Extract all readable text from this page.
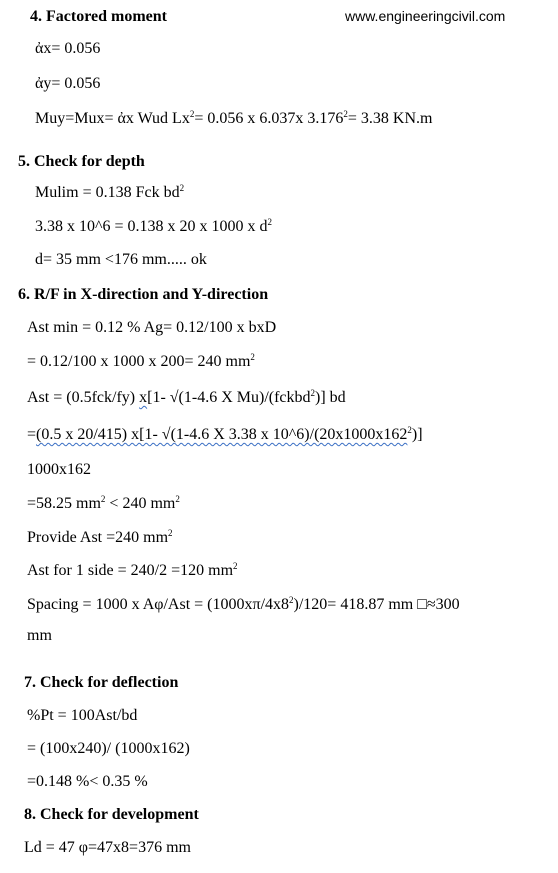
www.engineeringcivil.com
4. Factored moment
ἀx= 0.056
ἀy= 0.056
Muy=Mux= ἀx Wud $Lx^2= 0.056$ x 6.037x $3.176^2= 3.38$ KN.m
5. Check for depth
Mulim = 0.138 Fck $bd^2$
3.38 x 10^6 = 0.138 x 20 x 1000 x $d^2$
d= 35 mm <176 mm..... ok
6. R/F in X-direction and Y-direction
Ast min = 0.12 % Ag= 0.12/100 x bxD
= 0.12/100 x 1000 x 200= 240 $mm^2$
Ast = (0.5fck/fy) x[1- √(1-4.6 X Mu)/(fckbd$^2$)] bd
=(0.5 x 20/415) x[1- √(1-4.6 X 3.38 x $10\^{}6)/(20x1000x162^2)$]
1000x162
=58.25 $mm^2 < 240$ $mm^2$
Provide Ast =240 $mm^2$
Ast for 1 side = 240/2 =120 $mm^2$
Spacing = 1000 x $A\varphi/Ast = (1000x\pi/4x8^2)/120= 418.87$ mm □≈300
mm
7. Check for deflection
%Pt = 100Ast/bd
= (100x240)/ (1000x162)
=0.148 %< 0.35 %
8. Check for development
Ld = 47 φ=47x8=376 mm
